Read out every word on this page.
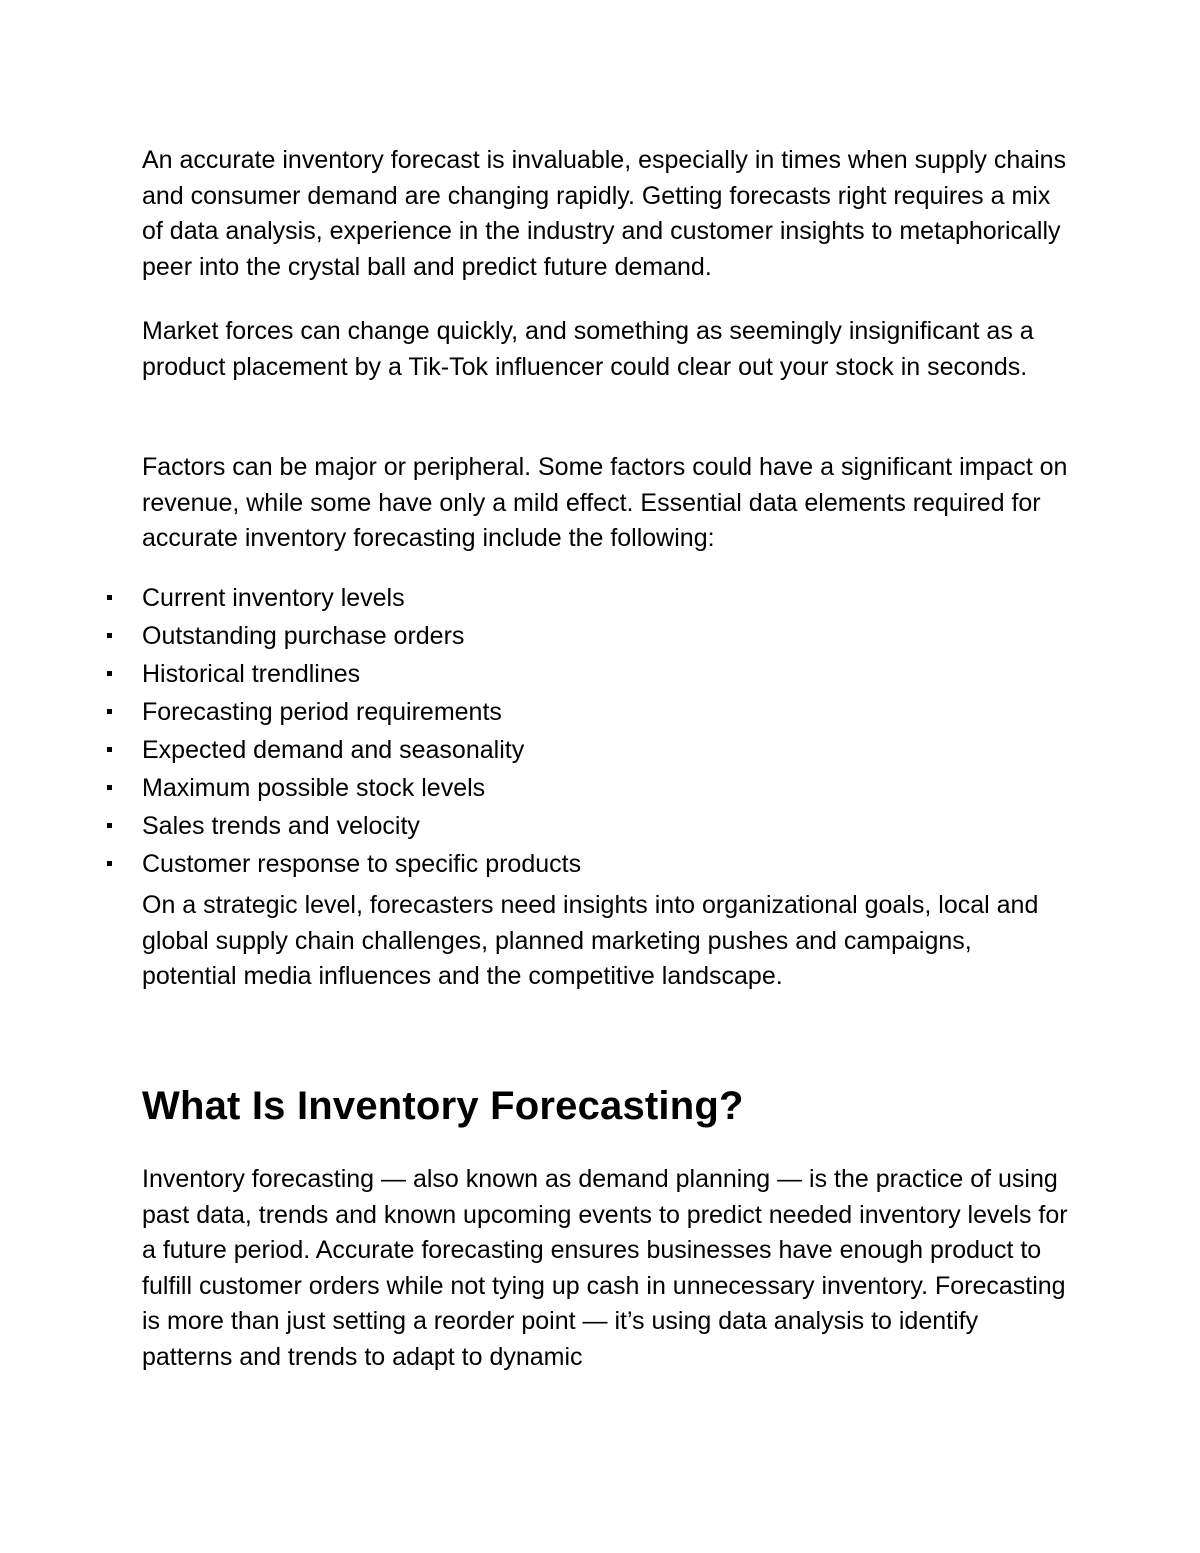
An accurate inventory forecast is invaluable, especially in times when supply chains and consumer demand are changing rapidly. Getting forecasts right requires a mix of data analysis, experience in the industry and customer insights to metaphorically peer into the crystal ball and predict future demand.

Market forces can change quickly, and something as seemingly insignificant as a product placement by a Tik-Tok influencer could clear out your stock in seconds.

Factors can be major or peripheral. Some factors could have a significant impact on revenue, while some have only a mild effect. Essential data elements required for accurate inventory forecasting include the following:

Current inventory levels
Outstanding purchase orders
Historical trendlines
Forecasting period requirements
Expected demand and seasonality
Maximum possible stock levels
Sales trends and velocity
Customer response to specific products

On a strategic level, forecasters need insights into organizational goals, local and global supply chain challenges, planned marketing pushes and campaigns, potential media influences and the competitive landscape.

What Is Inventory Forecasting?

Inventory forecasting — also known as demand planning — is the practice of using past data, trends and known upcoming events to predict needed inventory levels for a future period. Accurate forecasting ensures businesses have enough product to fulfill customer orders while not tying up cash in unnecessary inventory. Forecasting is more than just setting a reorder point — it’s using data analysis to identify patterns and trends to adapt to dynamic
